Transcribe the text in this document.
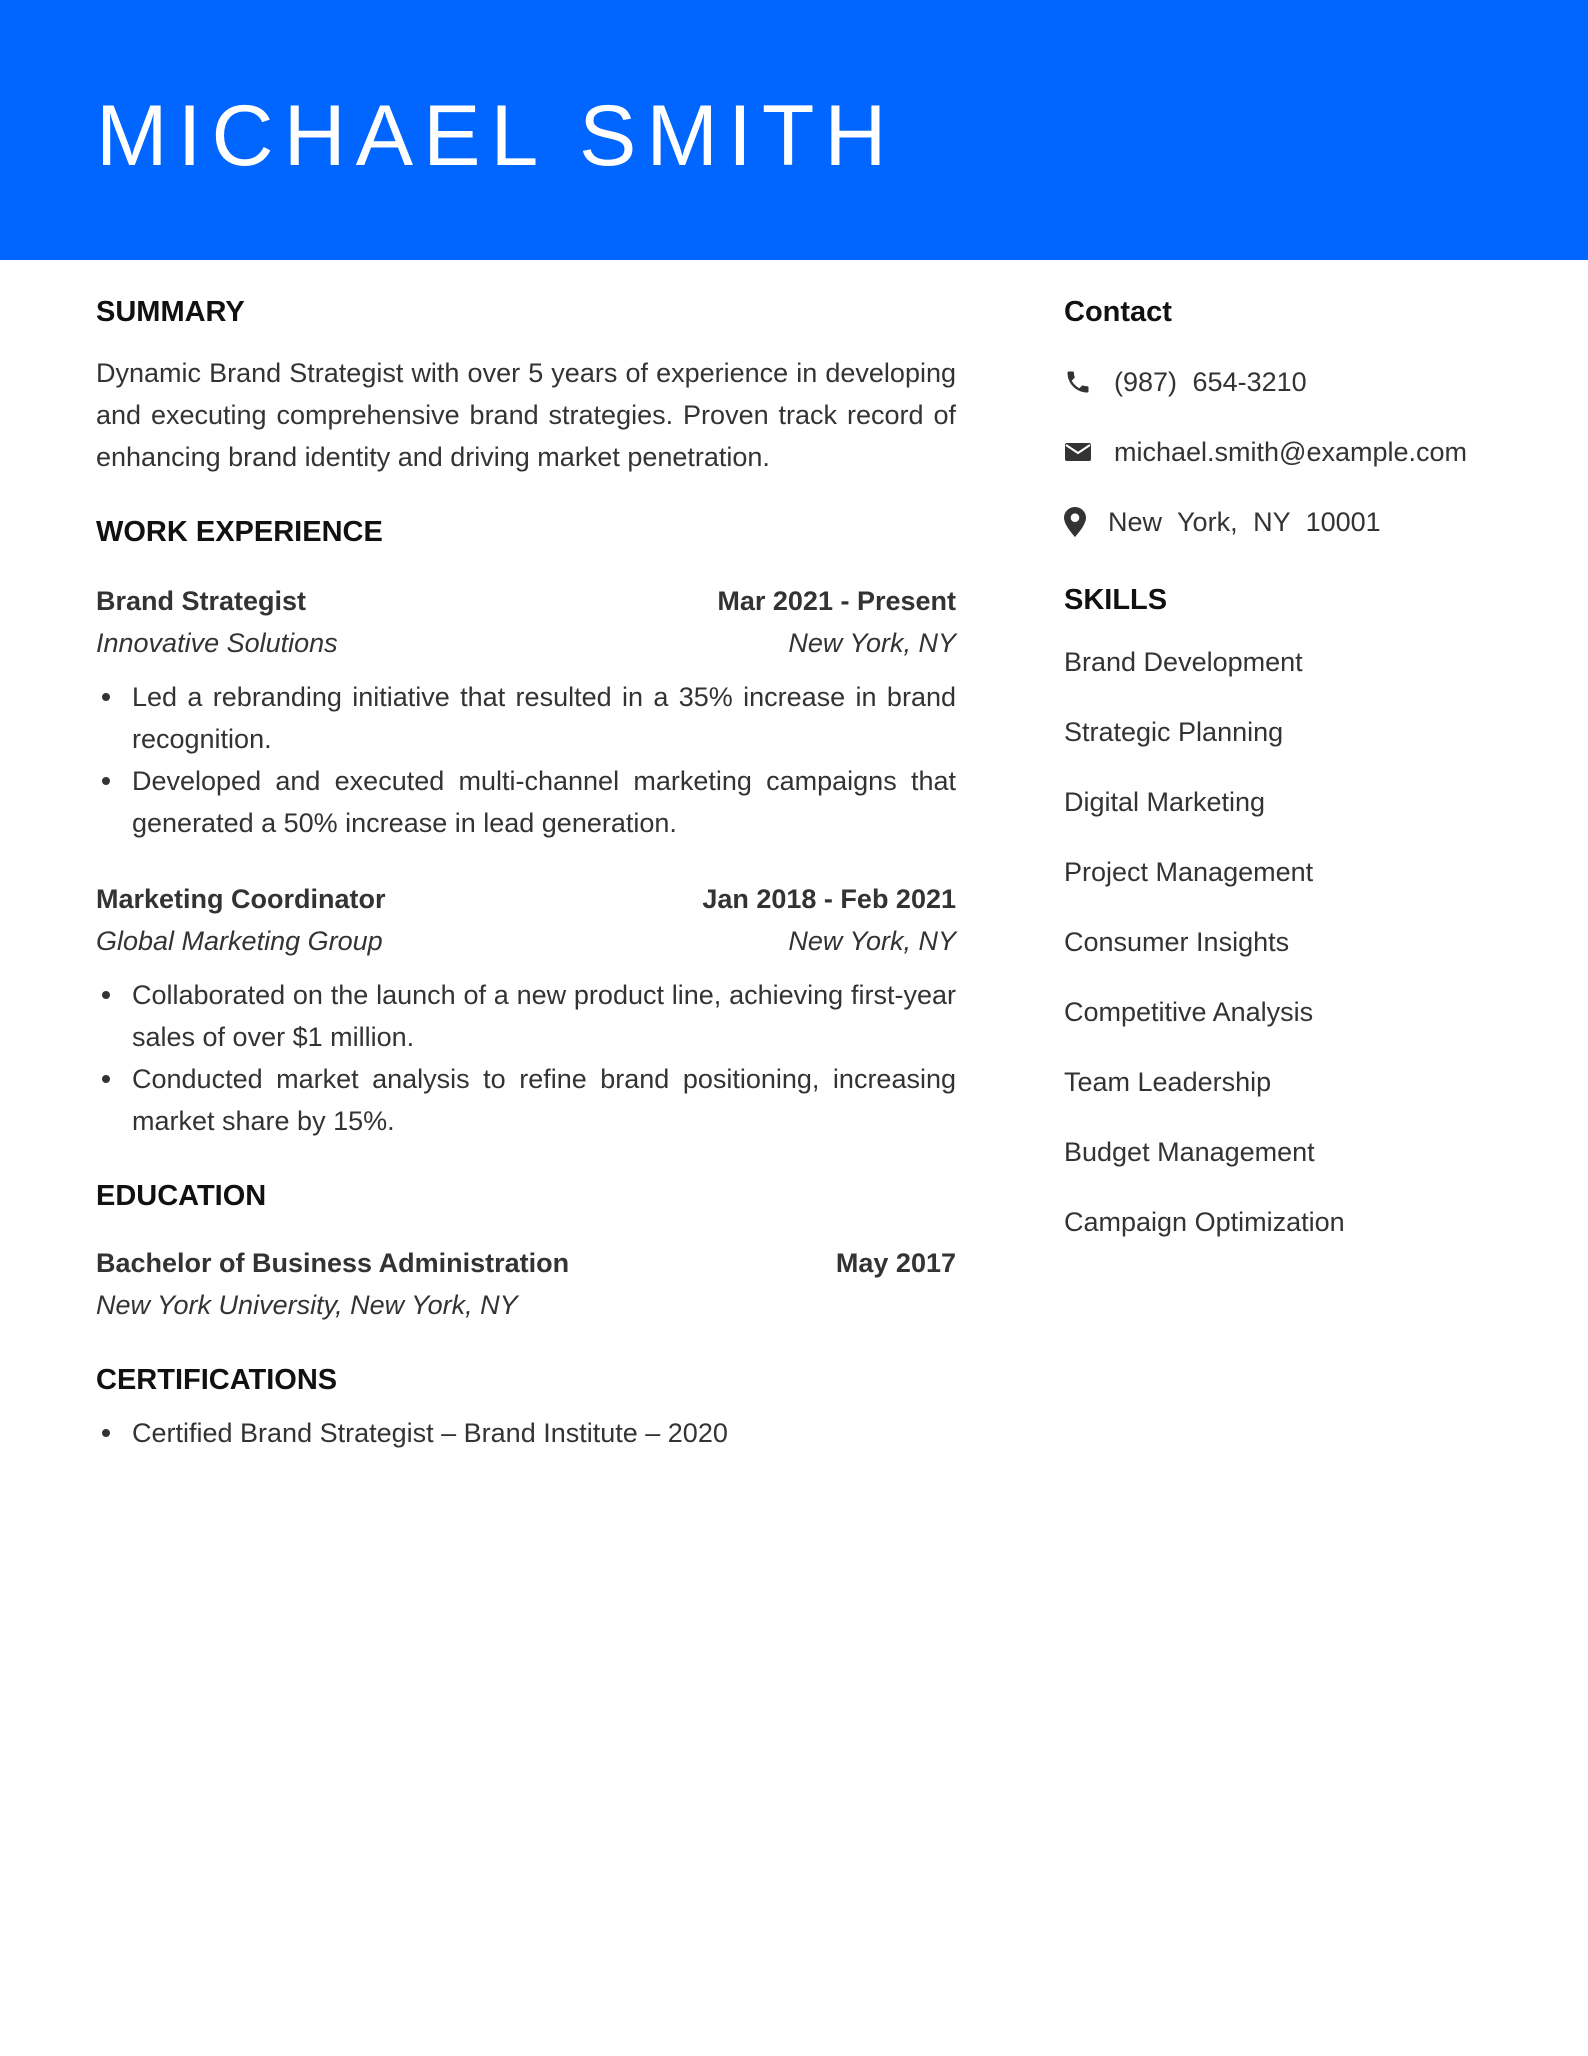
MICHAEL SMITH
SUMMARY

Dynamic Brand Strategist with over 5 years of experience in developing and executing comprehensive brand strategies. Proven track record of enhancing brand identity and driving market penetration.

WORK EXPERIENCE
Brand Strategist	Mar 2021 - Present
Innovative Solutions	New York, NY
Led a rebranding initiative that resulted in a 35% increase in brand recognition.
Developed and executed multi-channel marketing campaigns that generated a 50% increase in lead generation.
Marketing Coordinator	Jan 2018 - Feb 2021
Global Marketing Group	New York, NY
Collaborated on the launch of a new product line, achieving first-year sales of over $1 million.
Conducted market analysis to refine brand positioning, increasing market share by 15%.
EDUCATION
Bachelor of Business Administration	May 2017
New York University, New York, NY
CERTIFICATIONS
Certified Brand Strategist – Brand Institute – 2020
Contact
(987) 654-3210
michael.smith@example.com
New York, NY 10001
SKILLS
Brand Development
Strategic Planning
Digital Marketing
Project Management
Consumer Insights
Competitive Analysis
Team Leadership
Budget Management
Campaign Optimization
